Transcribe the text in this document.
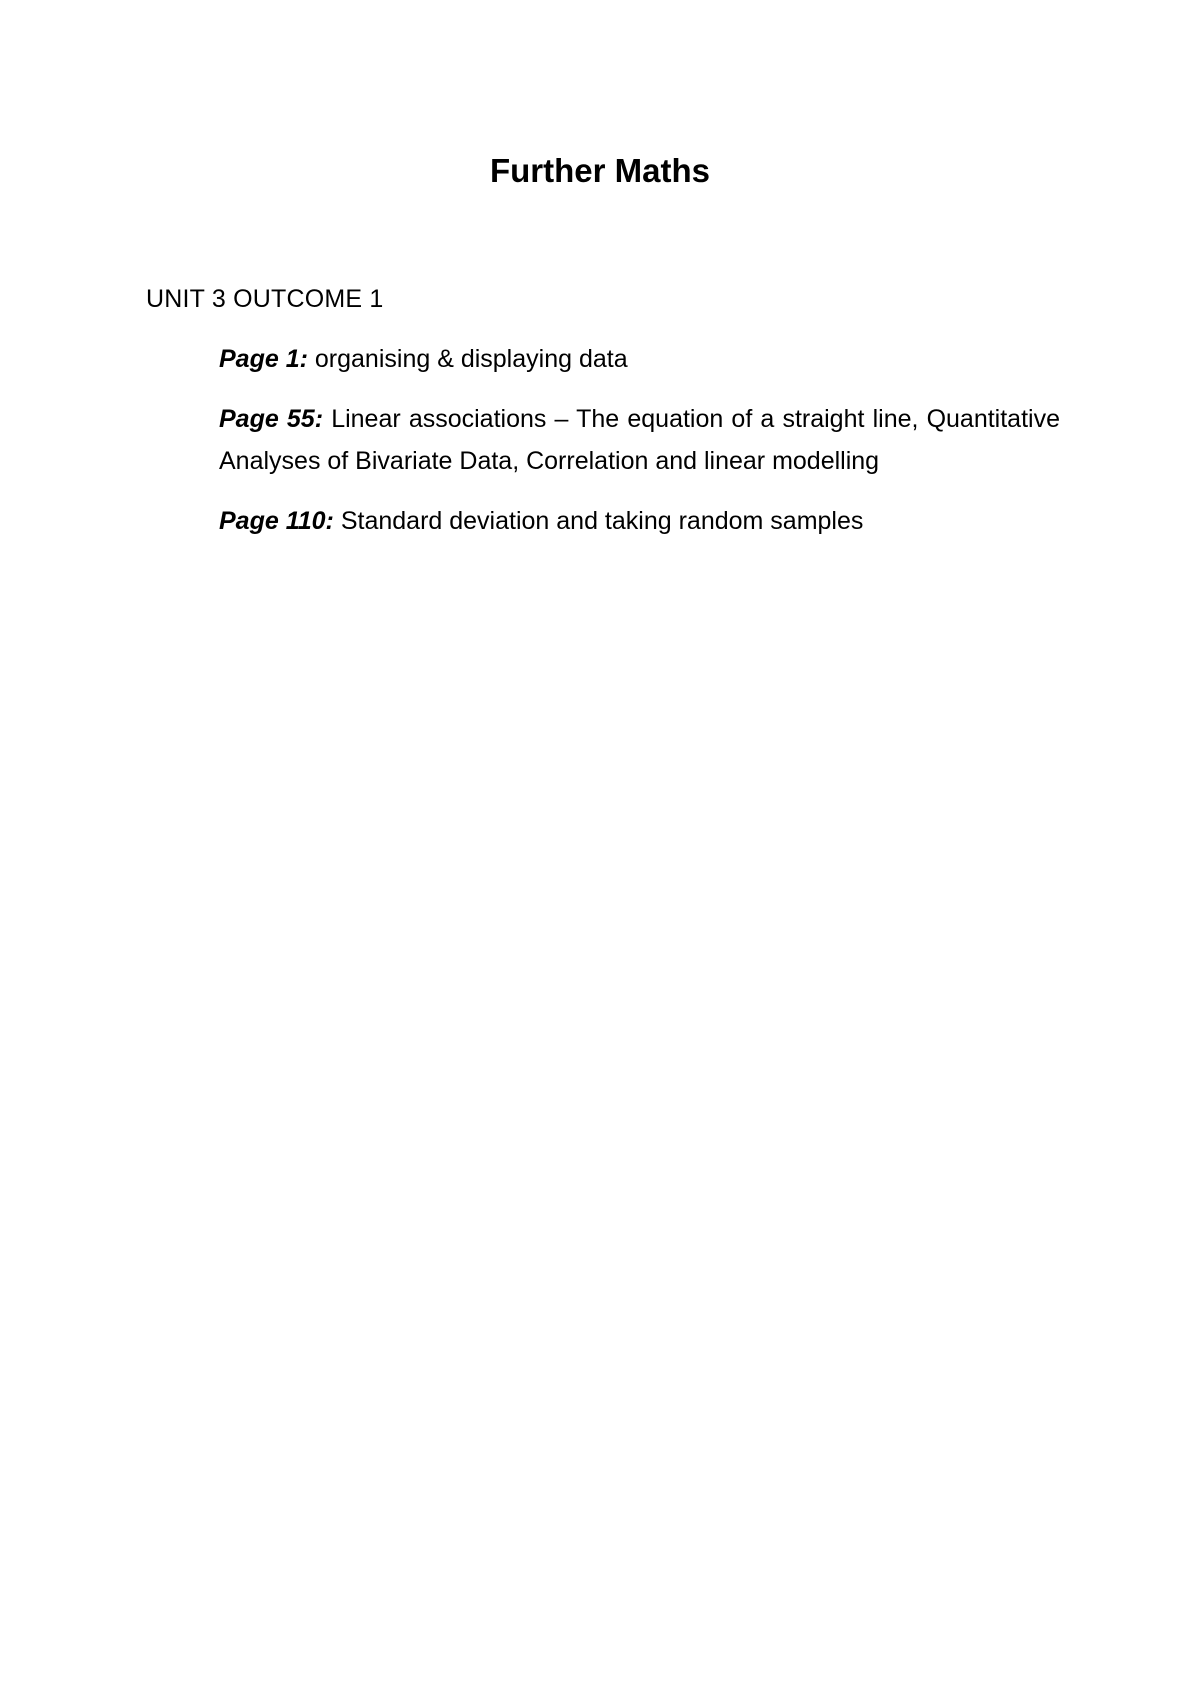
Further Maths

UNIT 3 OUTCOME 1

Page 1: organising & displaying data
Page 55: Linear associations – The equation of a straight line, Quantitative Analyses of Bivariate Data, Correlation and linear modelling
Page 110: Standard deviation and taking random samples
